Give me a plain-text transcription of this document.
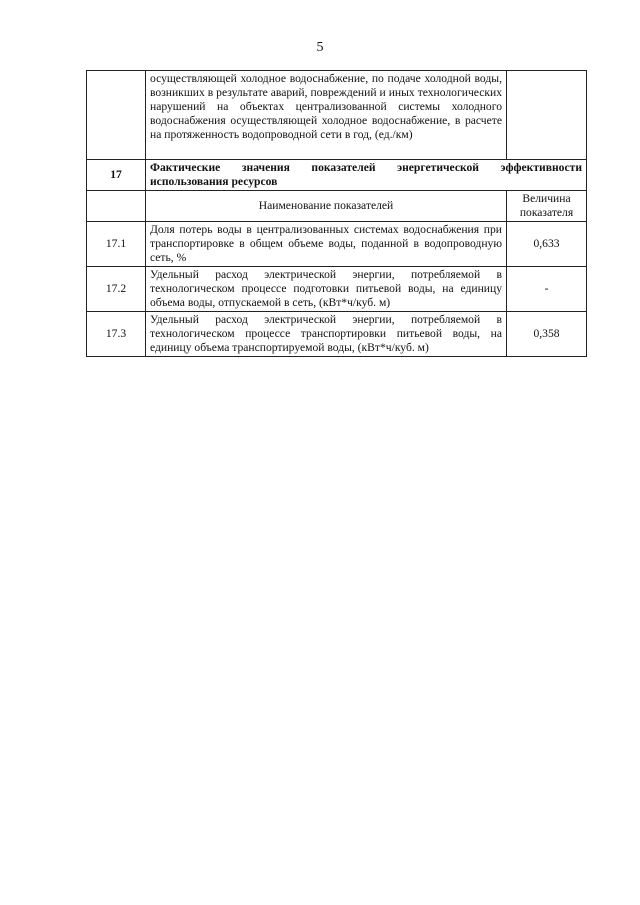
5
	осуществляющей холодное водоснабжение, по подаче холодной воды, возникших в результате аварий, повреждений и иных технологических нарушений на объектах централизованной системы холодного водоснабжения осуществляющей холодное водоснабжение, в расчете на протяженность водопроводной сети в год, (ед./км)	
17	Фактические значения показателей энергетической эффективности использования ресурсов	
	Наименование показателей	Величина показателя
17.1	Доля потерь воды в централизованных системах водоснабжения при транспортировке в общем объеме воды, поданной в водопроводную сеть, %	0,633
17.2	Удельный расход электрической энергии, потребляемой в технологическом процессе подготовки питьевой воды, на единицу объема воды, отпускаемой в сеть, (кВт*ч/куб. м)	-
17.3	Удельный расход электрической энергии, потребляемой в технологическом процессе транспортировки питьевой воды, на единицу объема транспортируемой воды, (кВт*ч/куб. м)	0,358
